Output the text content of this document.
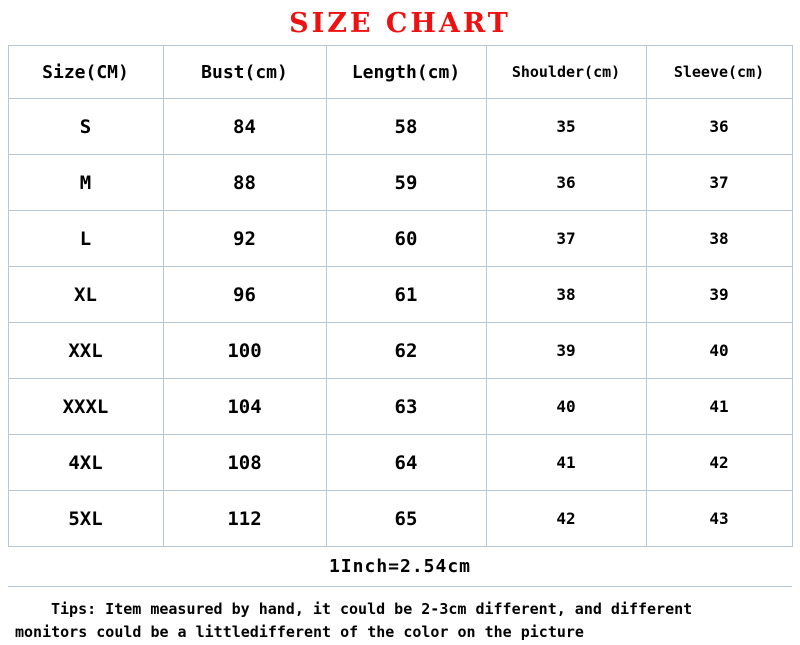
SIZE CHART
Size(CM)	Bust(cm)	Length(cm)	Shoulder(cm)	Sleeve(cm)
S	84	58	35	36
M	88	59	36	37
L	92	60	37	38
XL	96	61	38	39
XXL	100	62	39	40
XXXL	104	63	40	41
4XL	108	64	41	42
5XL	112	65	42	43
1Inch=2.54cm
Tips: Item measured by hand, it could be 2-3cm different, and different
monitors could be a littledifferent of the color on the picture
